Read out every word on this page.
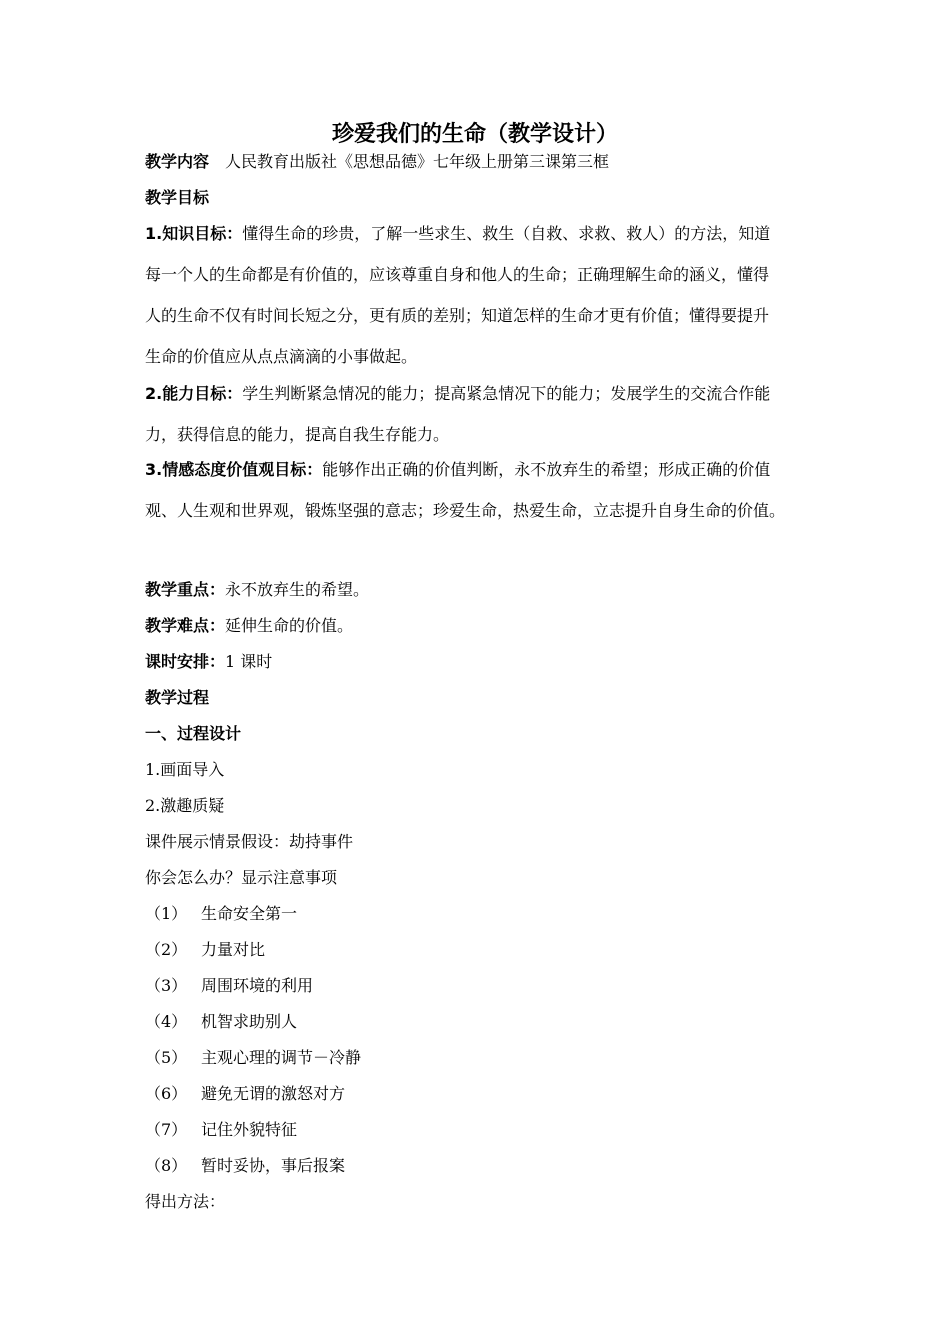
珍爱我们的生命（教学设计）
教学内容 人民教育出版社《思想品德》七年级上册第三课第三框
教学目标
1.知识目标：懂得生命的珍贵，了解一些求生、救生（自救、求救、救人）的方法，知道
每一个人的生命都是有价值的，应该尊重自身和他人的生命；正确理解生命的涵义，懂得
人的生命不仅有时间长短之分，更有质的差别；知道怎样的生命才更有价值；懂得要提升
生命的价值应从点点滴滴的小事做起。
2.能力目标：学生判断紧急情况的能力；提高紧急情况下的能力；发展学生的交流合作能
力，获得信息的能力，提高自我生存能力。
3.情感态度价值观目标：能够作出正确的价值判断，永不放弃生的希望；形成正确的价值
观、人生观和世界观，锻炼坚强的意志；珍爱生命，热爱生命，立志提升自身生命的价值。
教学重点：永不放弃生的希望。
教学难点：延伸生命的价值。
课时安排：1 课时
教学过程
一、过程设计
1.画面导入
2.激趣质疑
课件展示情景假设：劫持事件
你会怎么办？显示注意事项
（1） 生命安全第一
（2） 力量对比
（3） 周围环境的利用
（4） 机智求助别人
（5） 主观心理的调节－冷静
（6） 避免无谓的激怒对方
（7） 记住外貌特征
（8） 暂时妥协，事后报案
得出方法：
